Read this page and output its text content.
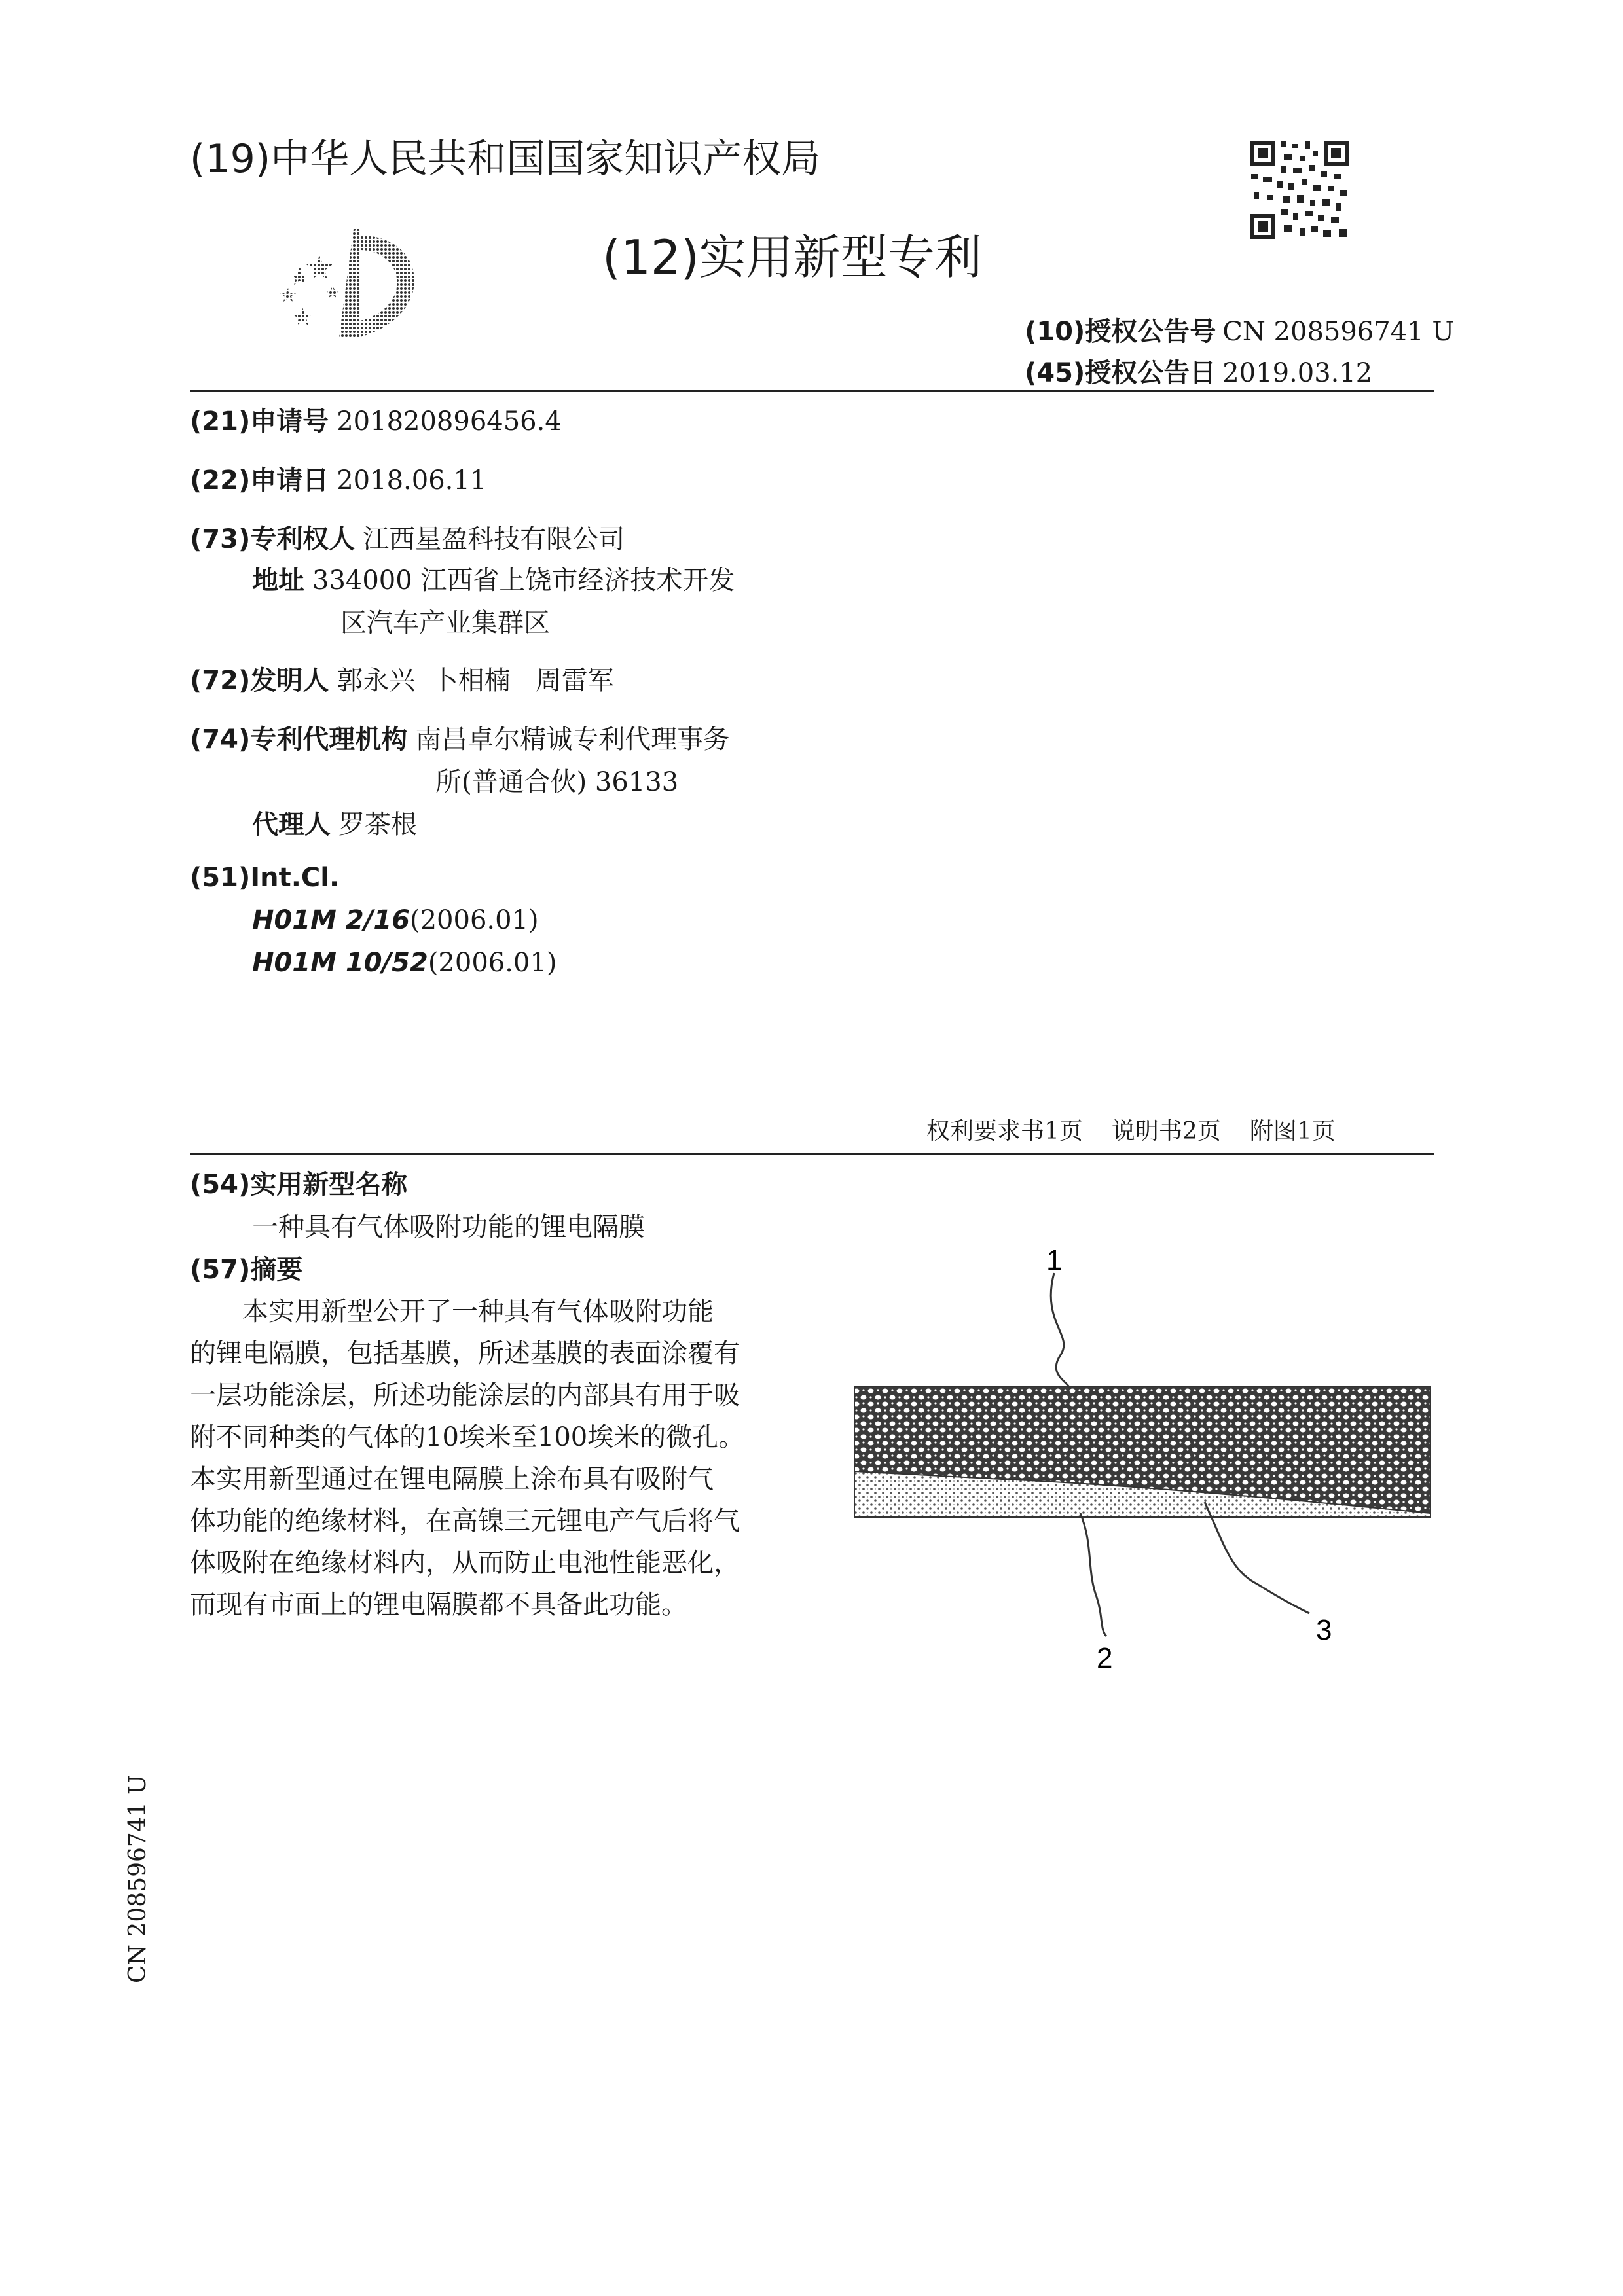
(19)中华人民共和国国家知识产权局
(12)实用新型专利
(10)授权公告号 CN 208596741 U
(45)授权公告日 2019.03.12
(21)申请号 201820896456.4
(22)申请日 2018.06.11
(73)专利权人 江西星盈科技有限公司
地址 334000 江西省上饶市经济技术开发
区汽车产业集群区
(72)发明人 郭永兴  卜相楠   周雷军
(74)专利代理机构 南昌卓尔精诚专利代理事务
所(普通合伙) 36133
代理人 罗茶根
(51)Int.Cl.
H01M 2/16(2006.01)
H01M 10/52(2006.01)
权利要求书1页 说明书2页 附图1页
(54)实用新型名称
一种具有气体吸附功能的锂电隔膜
(57)摘要
　　本实用新型公开了一种具有气体吸附功能
的锂电隔膜，包括基膜，所述基膜的表面涂覆有
一层功能涂层，所述功能涂层的内部具有用于吸
附不同种类的气体的10埃米至100埃米的微孔。
本实用新型通过在锂电隔膜上涂布具有吸附气
体功能的绝缘材料，在高镍三元锂电产气后将气
体吸附在绝缘材料内，从而防止电池性能恶化，
而现有市面上的锂电隔膜都不具备此功能。
1
2
3
CN 208596741 U
